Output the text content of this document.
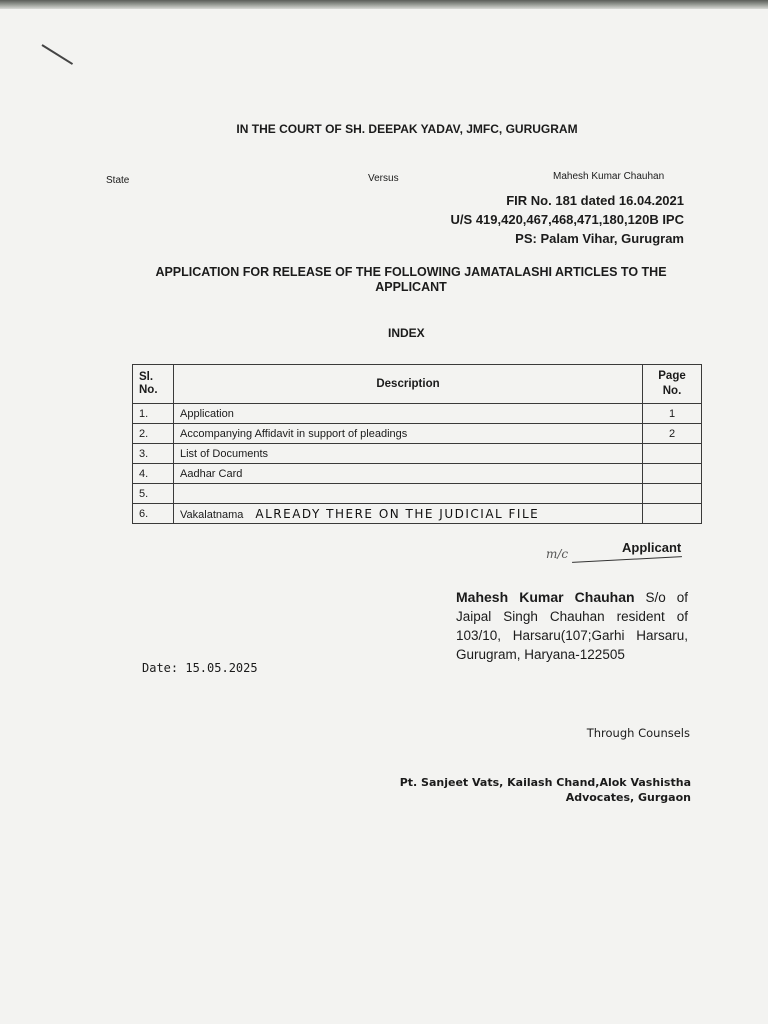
IN THE COURT OF SH. DEEPAK YADAV, JMFC, GURUGRAM
State	Versus	Mahesh Kumar Chauhan
FIR No. 181 dated 16.04.2021
U/S 419,420,467,468,471,180,120B IPC
PS: Palam Vihar, Gurugram
APPLICATION FOR RELEASE OF THE FOLLOWING JAMATALASHI ARTICLES TO THE APPLICANT
INDEX
Sl. No.	Description	Page No.
1.	Application	1
2.	Accompanying Affidavit in support of pleadings	2
3.	List of Documents	
4.	Aadhar Card	
5.		
6.	Vakalatnama ALREADY THERE ON THE JUDICIAL FILE	
m/c	Applicant
Mahesh Kumar Chauhan S/o of Jaipal Singh Chauhan resident of 103/10, Harsaru(107;Garhi Harsaru, Gurugram, Haryana-122505
Date: 15.05.2025
Through Counsels
Pt. Sanjeet Vats, Kailash Chand,Alok Vashistha
Advocates, Gurgaon
